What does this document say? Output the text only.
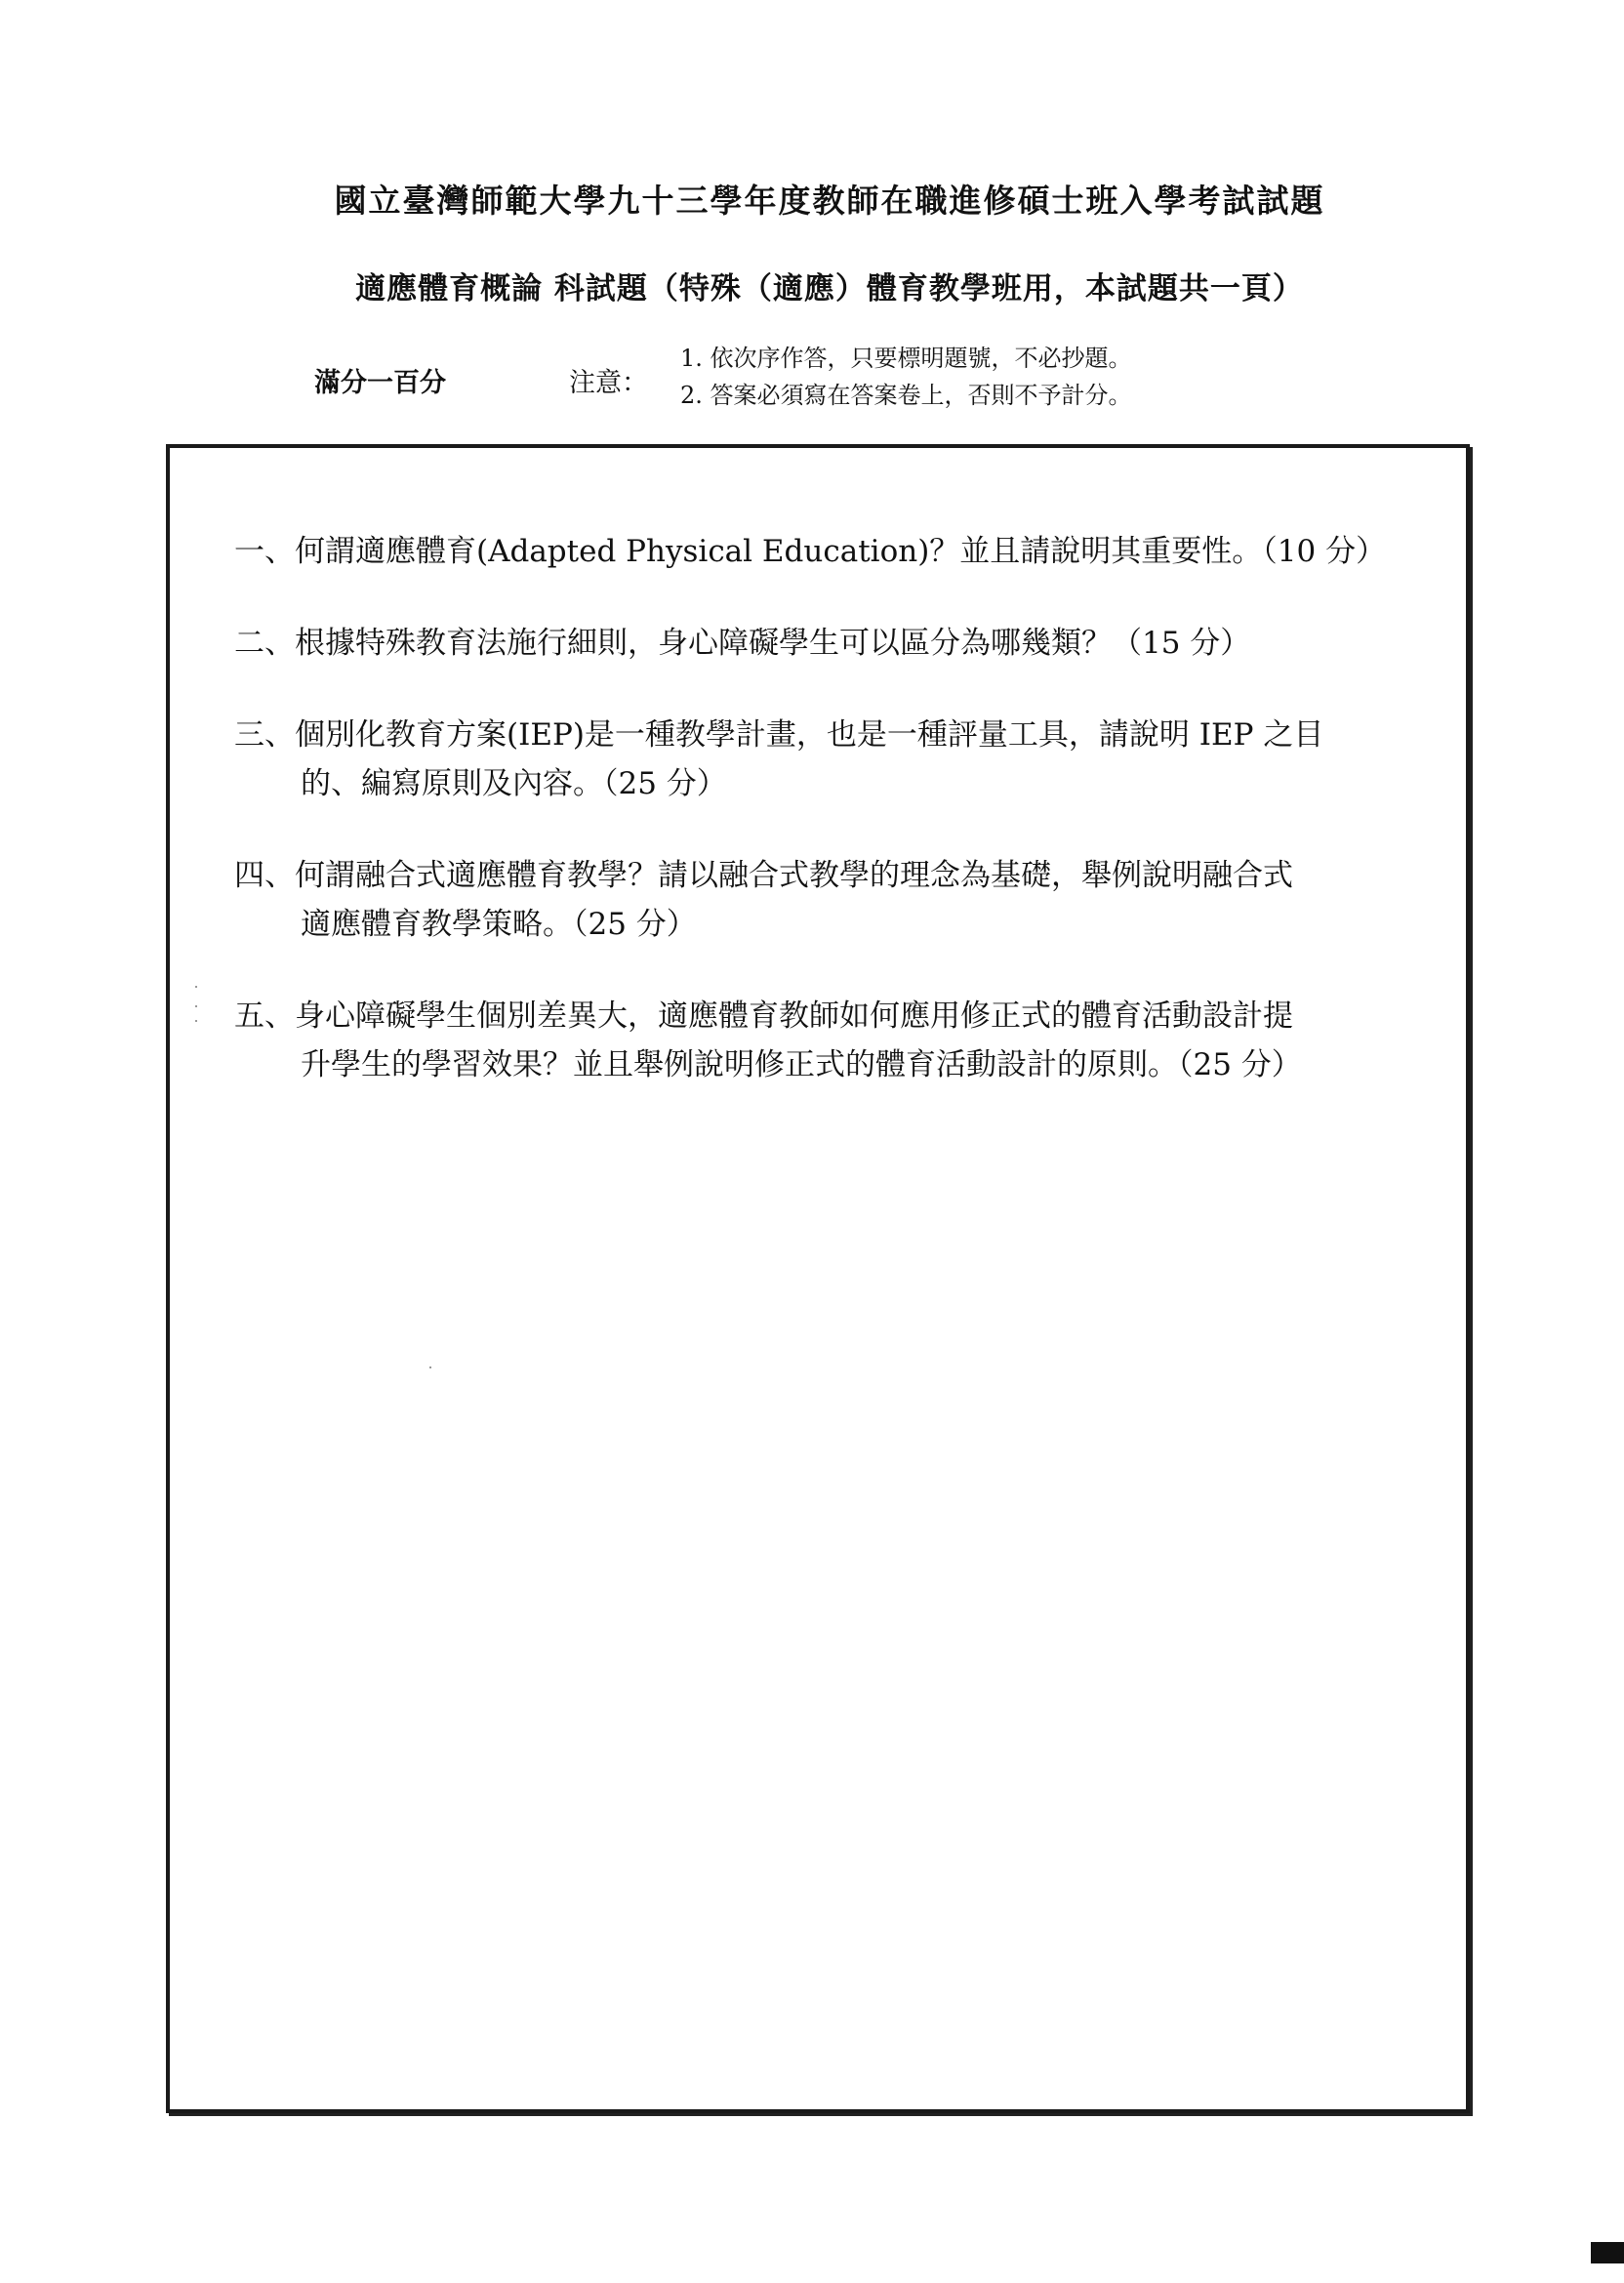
國立臺灣師範大學九十三學年度教師在職進修碩士班入學考試試題
適應體育概論 科試題（特殊（適應）體育教學班用，本試題共一頁）
滿分一百分	注意：
1. 依次序作答，只要標明題號，不必抄題。
2. 答案必須寫在答案卷上，否則不予計分。
一、何謂適應體育(Adapted Physical Education)？並且請說明其重要性。（10 分）
二、根據特殊教育法施行細則，身心障礙學生可以區分為哪幾類？（15 分）
三、個別化教育方案(IEP)是一種教學計畫，也是一種評量工具，請說明 IEP 之目
的、編寫原則及內容。（25 分）
四、何謂融合式適應體育教學？請以融合式教學的理念為基礎，舉例說明融合式
適應體育教學策略。（25 分）
五、身心障礙學生個別差異大，適應體育教師如何應用修正式的體育活動設計提
升學生的學習效果？並且舉例說明修正式的體育活動設計的原則。（25 分）
